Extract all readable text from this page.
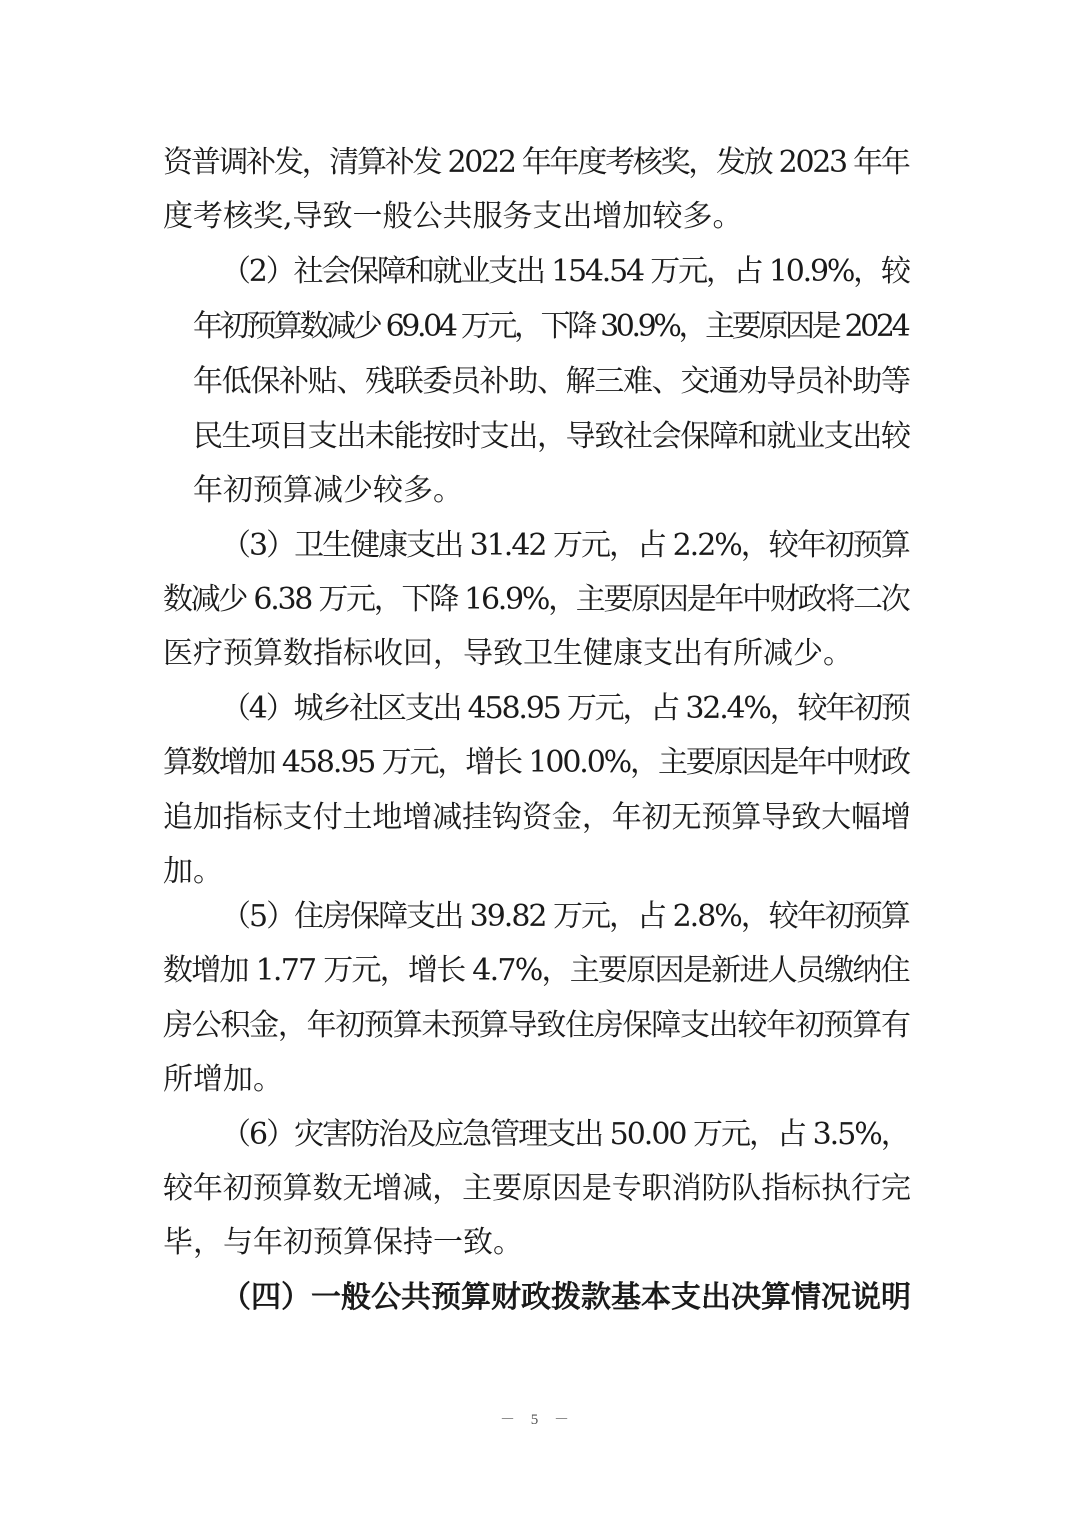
资普调补发，清算补发 2022 年年度考核奖，发放 2023 年年
度考核奖,导致一般公共服务支出增加较多。
（2）社会保障和就业支出 154.54 万元，占 10.9%，较
年初预算数减少 69.04 万元，下降 30.9%，主要原因是 2024
年低保补贴、残联委员补助、解三难、交通劝导员补助等
民生项目支出未能按时支出，导致社会保障和就业支出较
年初预算减少较多。
（3）卫生健康支出 31.42 万元，占 2.2%，较年初预算
数减少 6.38 万元，下降 16.9%，主要原因是年中财政将二次
医疗预算数指标收回，导致卫生健康支出有所减少。
（4）城乡社区支出 458.95 万元，占 32.4%，较年初预
算数增加 458.95 万元，增长 100.0%，主要原因是年中财政
追加指标支付土地增减挂钩资金，年初无预算导致大幅增
加。
（5）住房保障支出 39.82 万元，占 2.8%，较年初预算
数增加 1.77 万元，增长 4.7%，主要原因是新进人员缴纳住
房公积金，年初预算未预算导致住房保障支出较年初预算有
所增加。
（6）灾害防治及应急管理支出 50.00 万元，占 3.5%，
较年初预算数无增减，主要原因是专职消防队指标执行完
毕，与年初预算保持一致。
（四）一般公共预算财政拨款基本支出决算情况说明
－ 5 －
